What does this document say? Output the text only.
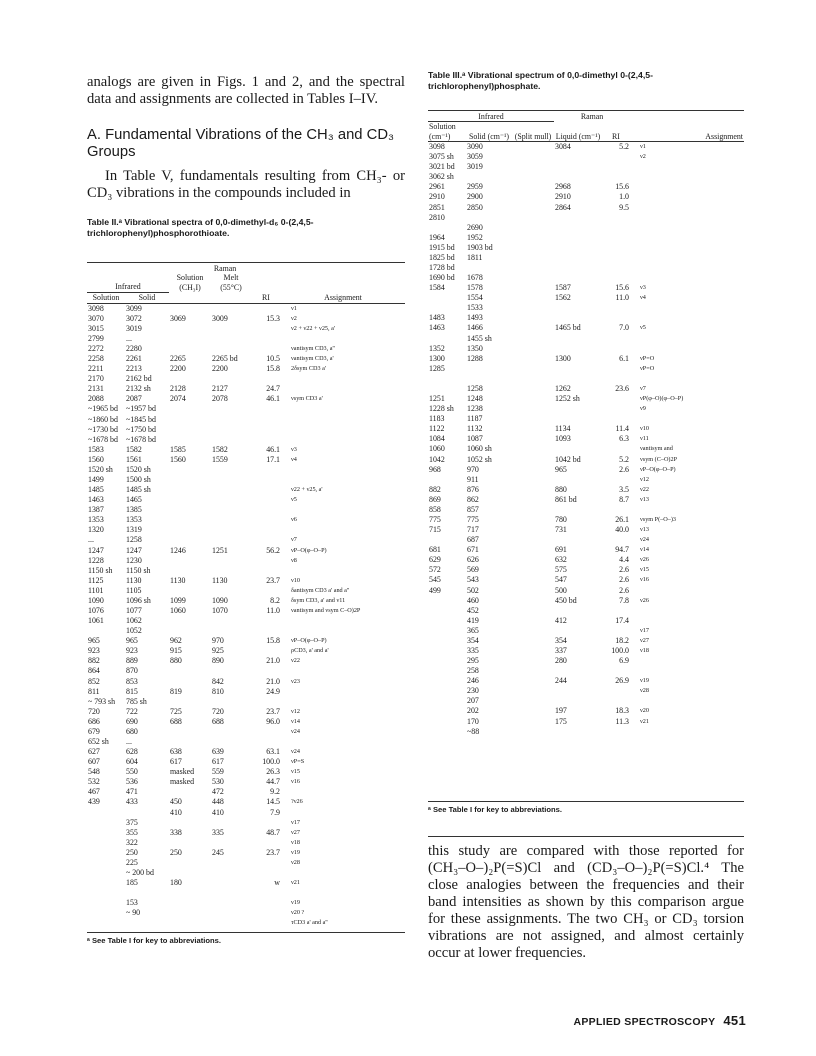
analogs are given in Figs. 1 and 2, and the spectral data and assignments are collected in Tables I–IV.

A. Fundamental Vibrations of the CH₃ and CD₃ Groups

In Table V, fundamentals resulting from CH₃- or CD₃ vibrations in the compounds included in

Table II.ᵃ Vibrational spectra of 0,0-dimethyl-d₆ 0-(2,4,5-trichlorophenyl)phosphorothioate.
		Raman			
Infrared		Solution (CH₃I)	Melt (55°C)		
Solution	Solid			RI	Assignment
3098	3099				ν1
3070	3072	3069	3009	15.3	ν2
3015	3019				ν2 + ν22 + ν25, a'
2799	...				
2272	2280				νantisym CD3, a''
2258	2261	2265	2265 bd	10.5	νantisym CD3, a'
2211	2213	2200	2200	15.8	2δsym CD3 a'
2170	2162 bd				
2131	2132 sh	2128	2127	24.7	
2088	2087	2074	2078	46.1	νsym CD3 a'
~1965 bd	~1957 bd				
~1860 bd	~1845 bd				
~1730 bd	~1750 bd				
~1678 bd	~1678 bd				
1583	1582	1585	1582	46.1	ν3
1560	1561	1560	1559	17.1	ν4
1520 sh	1520 sh				
1499	1500 sh				
1485	1485 sh				ν22 + ν25, a'
1463	1465				ν5
1387	1385				
1353	1353				ν6
1320	1319				
...	1258				ν7
1247	1247	1246	1251	56.2	νP–O(φ–O–P)
1228	1230				ν8
1150 sh	1150 sh				
1125	1130	1130	1130	23.7	ν10
1101	1105				δantisym CD3 a' and a''
1090	1096 sh	1099	1090	8.2	δsym CD3, a' and ν11
1076	1077	1060	1070	11.0	νantisym and νsym C–O)2P
1061	1062				
	1052				
965	965	962	970	15.8	νP–O(φ–O–P)
923	923	915	925		ρCD3, a' and a'
882	889	880	890	21.0	ν22
864	870				
852	853		842	21.0	ν23
811	815	819	810	24.9	
~ 793 sh	785 sh				
720	722	725	720	23.7	ν12
686	690	688	688	96.0	ν14
679	680				ν24
652 sh	...				
627	628	638	639	63.1	ν24
607	604	617	617	100.0	νP=S
548	550	masked	559	26.3	ν15
532	536	masked	530	44.7	ν16
467	471		472	9.2	
439	433	450	448	14.5	?ν26
		410	410	7.9	
	375				ν17
	355	338	335	48.7	ν27
	322				ν18
	250	250	245	23.7	ν19
	225				ν28
	~ 200 bd				
	185	180		w	ν21

	153				ν19
	~ 90				ν20 ?
					τCD3 a' and a''
ᵃ See Table I for key to abbreviations.
Table III.ᵃ Vibrational spectrum of 0,0-dimethyl 0-(2,4,5-trichlorophenyl)phosphate.
Infrared			Raman		
Solution (cm⁻¹)	Solid (cm⁻¹)	(Split mull)	Liquid (cm⁻¹)	RI	Assignment
3098	3090		3084	5.2	ν1
3075 sh	3059				ν2
3021 bd	3019				
3062 sh					
2961	2959		2968	15.6	
2910	2900		2910	1.0	
2851	2850		2864	9.5	
2810					
	2690				
1964	1952				
1915 bd	1903 bd				
1825 bd	1811				
1728 bd					
1690 bd	1678				
1584	1578		1587	15.6	ν3
	1554		1562	11.0	ν4
	1533				
1483	1493				
1463	1466		1465 bd	7.0	ν5
	1455 sh				
1352	1350				
1300	1288		1300	6.1	νP=O
1285					νP=O

	1258		1262	23.6	ν7
1251	1248		1252 sh		νP(φ–O)(φ–O–P)
1228 sh	1238				ν9
1183	1187				
1122	1132		1134	11.4	ν10
1084	1087		1093	6.3	ν11
1060	1060 sh				νantisym and
1042	1052 sh		1042 bd	5.2	νsym (C–O)2P
968	970		965	2.6	νP–O(φ–O–P)
	911				ν12
882	876		880	3.5	ν22
869	862		861 bd	8.7	ν13
858	857				
775	775		780	26.1	νsym P(–O–)3
715	717		731	40.0	ν13
	687				ν24
681	671		691	94.7	ν14
629	626		632	4.4	ν26
572	569		575	2.6	ν15
545	543		547	2.6	ν16
499	502		500	2.6	
	460		450 bd	7.8	ν26
	452				
	419		412	17.4	
	365				ν17
	354		354	18.2	ν27
	335		337	100.0	ν18
	295		280	6.9	
	258				
	246		244	26.9	ν19
	230				ν28
	207				
	202		197	18.3	ν20
	170		175	11.3	ν21
	~88				
ᵃ See Table I for key to abbreviations.

this study are compared with those reported for (CH₃–O–)₂P(=S)Cl and (CD₃–O–)₂P(=S)Cl.⁴ The close analogies between the frequencies and their band intensities as shown by this comparison argue for these assignments. The two CH₃ or CD₃ torsion vibrations are not assigned, and almost certainly occur at lower frequencies.

APPLIED SPECTROSCOPY 451
